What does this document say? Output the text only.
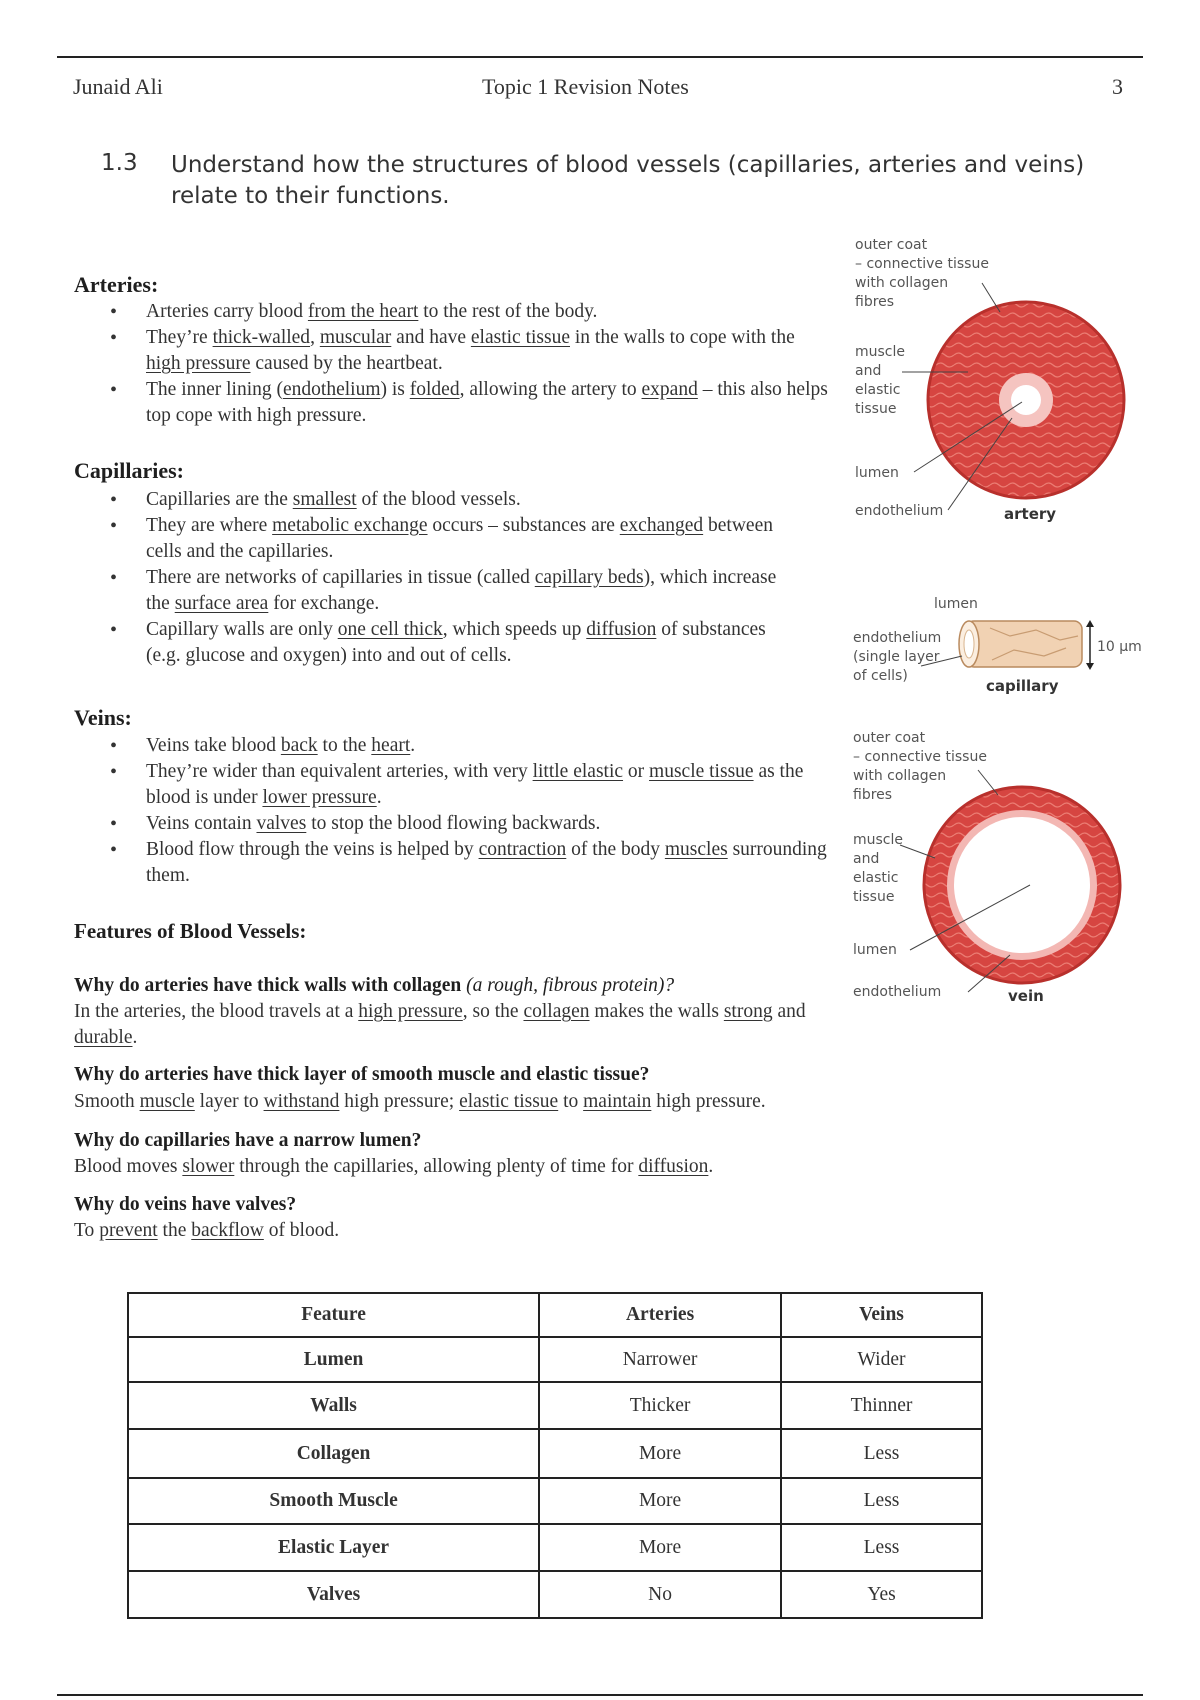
Junaid Ali	Topic 1 Revision Notes	3
1.3 Understand how the structures of blood vessels (capillaries, arteries and veins) relate to their functions.
Arteries:
• Arteries carry blood from the heart to the rest of the body.
• They’re thick-walled, muscular and have elastic tissue in the walls to cope with the high pressure caused by the heartbeat.
• The inner lining (endothelium) is folded, allowing the artery to expand – this also helps top cope with high pressure.
Capillaries:
• Capillaries are the smallest of the blood vessels.
• They are where metabolic exchange occurs – substances are exchanged between cells and the capillaries.
• There are networks of capillaries in tissue (called capillary beds), which increase the surface area for exchange.
• Capillary walls are only one cell thick, which speeds up diffusion of substances (e.g. glucose and oxygen) into and out of cells.
Veins:
• Veins take blood back to the heart.
• They’re wider than equivalent arteries, with very little elastic or muscle tissue as the blood is under lower pressure.
• Veins contain valves to stop the blood flowing backwards.
• Blood flow through the veins is helped by contraction of the body muscles surrounding them.
Features of Blood Vessels:
Why do arteries have thick walls with collagen (a rough, fibrous protein)?
In the arteries, the blood travels at a high pressure, so the collagen makes the walls strong and durable.
Why do arteries have thick layer of smooth muscle and elastic tissue?
Smooth muscle layer to withstand high pressure; elastic tissue to maintain high pressure.
Why do capillaries have a narrow lumen?
Blood moves slower through the capillaries, allowing plenty of time for diffusion.
Why do veins have valves?
To prevent the backflow of blood.
Feature	Arteries	Veins
Lumen	Narrower	Wider
Walls	Thicker	Thinner
Collagen	More	Less
Smooth Muscle	More	Less
Elastic Layer	More	Less
Valves	No	Yes
outer coat
– connective tissue
with collagen
fibres
muscle
and
elastic
tissue
lumen
endothelium	artery
lumen
endothelium
(single layer
of cells)
10 μm
capillary
outer coat
– connective tissue
with collagen
fibres
muscle
and
elastic
tissue
lumen
endothelium	vein
